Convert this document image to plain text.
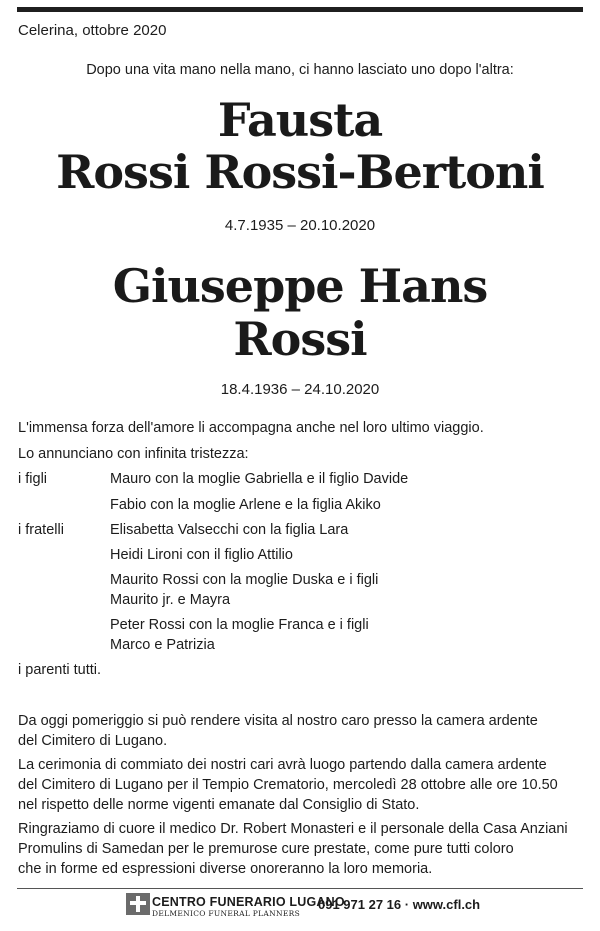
Celerina, ottobre 2020
Dopo una vita mano nella mano, ci hanno lasciato uno dopo l'altra:
Fausta
Rossi Rossi-Bertoni
4.7.1935 – 20.10.2020
Giuseppe Hans
Rossi
18.4.1936 – 24.10.2020
L'immensa forza dell'amore li accompagna anche nel loro ultimo viaggio.
Lo annunciano con infinita tristezza:
i figli	Mauro con la moglie Gabriella e il figlio Davide
Fabio con la moglie Arlene e la figlia Akiko
i fratelli	Elisabetta Valsecchi con la figlia Lara
Heidi Lironi con il figlio Attilio
Maurito Rossi con la moglie Duska e i figli
Maurito jr. e Mayra
Peter Rossi con la moglie Franca e i figli
Marco e Patrizia
i parenti tutti.
Da oggi pomeriggio si può rendere visita al nostro caro presso la camera ardente
del Cimitero di Lugano.
La cerimonia di commiato dei nostri cari avrà luogo partendo dalla camera ardente
del Cimitero di Lugano per il Tempio Crematorio, mercoledì 28 ottobre alle ore 10.50
nel rispetto delle norme vigenti emanate dal Consiglio di Stato.
Ringraziamo di cuore il medico Dr. Robert Monasteri e il personale della Casa Anziani
Promulins di Samedan per le premurose cure prestate, come pure tutti coloro
che in forme ed espressioni diverse onoreranno la loro memoria.
CENTRO FUNERARIO LUGANO
DELMENICO FUNERAL PLANNERS
091 971 27 16 · www.cfl.ch
